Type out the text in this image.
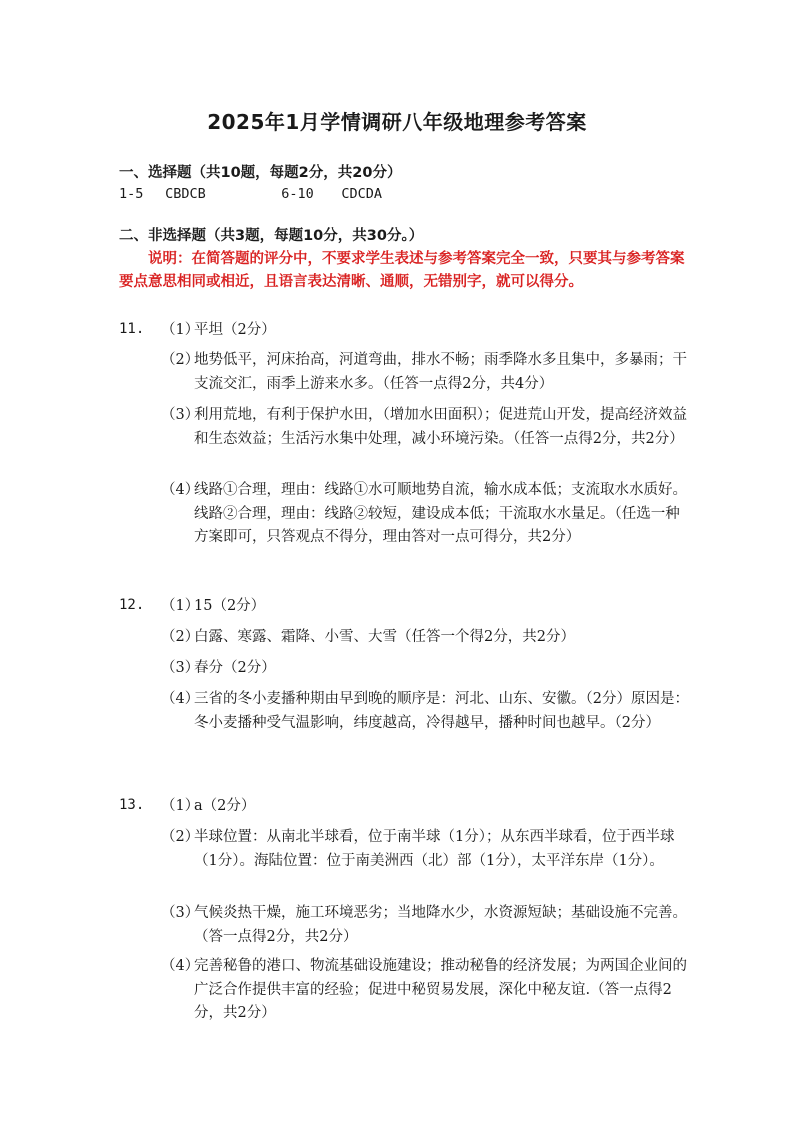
2025年1月学情调研八年级地理参考答案
一、选择题（共10题，每题2分，共20分）
1-5 CBDCB	6-10 CDCDA
二、非选择题（共3题，每题10分，共30分。）
说明：在简答题的评分中，不要求学生表述与参考答案完全一致，只要其与参考答案要点意思相同或相近，且语言表达清晰、通顺，无错别字，就可以得分。
11. （1）
平坦（2分）
（2）
地势低平，河床抬高，河道弯曲，排水不畅；雨季降水多且集中，多暴雨；干支流交汇，雨季上游来水多。（任答一点得2分，共4分）
（3）
利用荒地，有利于保护水田，（增加水田面积）；促进荒山开发，提高经济效益和生态效益；生活污水集中处理，减小环境污染。（任答一点得2分，共2分）
（4）
线路①合理，理由：线路①水可顺地势自流，输水成本低；支流取水水质好。线路②合理，理由：线路②较短，建设成本低；干流取水水量足。（任选一种方案即可，只答观点不得分，理由答对一点可得分，共2分）
12. （1）
15（2分）
（2）
白露、寒露、霜降、小雪、大雪（任答一个得2分，共2分）
（3）
春分（2分）
（4）
三省的冬小麦播种期由早到晚的顺序是：河北、山东、安徽。（2分）原因是：冬小麦播种受气温影响，纬度越高，冷得越早，播种时间也越早。（2分）
13. （1）
a（2分）
（2）
半球位置：从南北半球看，位于南半球（1分）；从东西半球看，位于西半球（1分）。海陆位置：位于南美洲西（北）部（1分），太平洋东岸（1分）。
（3）
气候炎热干燥，施工环境恶劣；当地降水少，水资源短缺；基础设施不完善。（答一点得2分，共2分）
（4）
完善秘鲁的港口、物流基础设施建设；推动秘鲁的经济发展；为两国企业间的广泛合作提供丰富的经验；促进中秘贸易发展，深化中秘友谊.（答一点得2分，共2分）
